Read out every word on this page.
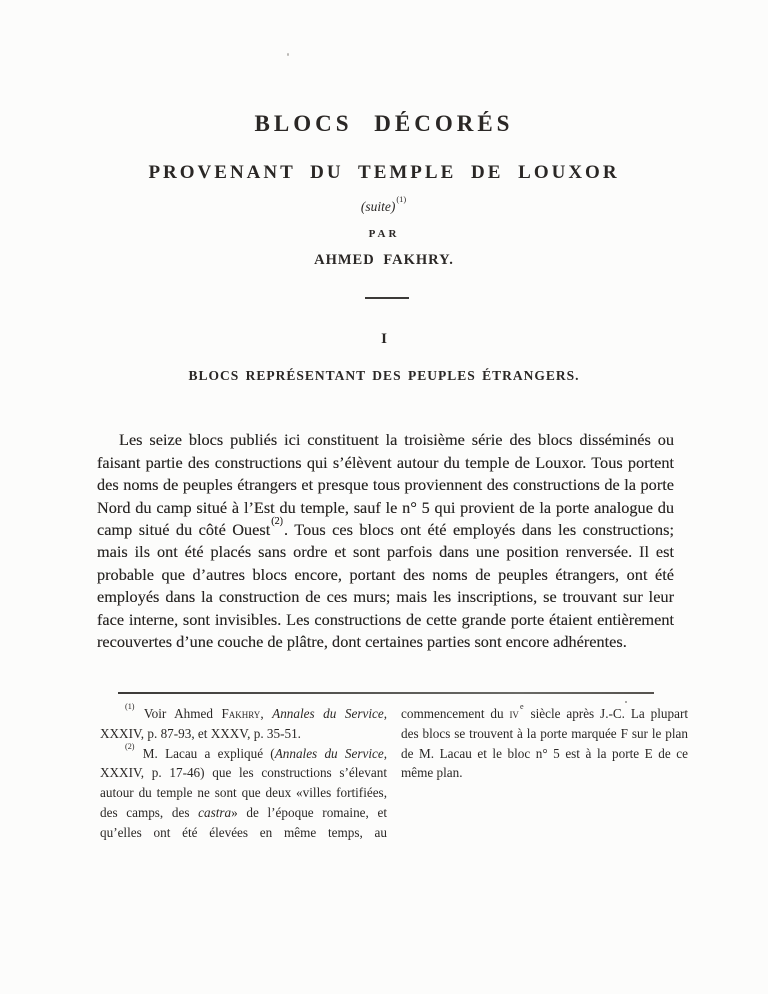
BLOCS DÉCORÉS
PROVENANT DU TEMPLE DE LOUXOR
(suite)$^{(1)}$
PAR
AHMED FAKHRY.
I
BLOCS REPRÉSENTANT DES PEUPLES ÉTRANGERS.

Les seize blocs publiés ici constituent la troisième série des blocs disséminés ou faisant partie des constructions qui s’élèvent autour du temple de Louxor. Tous portent des noms de peuples étrangers et presque tous proviennent des constructions de la porte Nord du camp situé à l’Est du temple, sauf le n° 5 qui provient de la porte analogue du camp situé du côté Ouest$^{(2)}$. Tous ces blocs ont été employés dans les constructions; mais ils ont été placés sans ordre et sont parfois dans une position renversée. Il est probable que d’autres blocs encore, portant des noms de peuples étrangers, ont été employés dans la construction de ces murs; mais les inscriptions, se trouvant sur leur face interne, sont invisibles. Les constructions de cette grande porte étaient entièrement recouvertes d’une couche de plâtre, dont certaines parties sont encore adhérentes.

$^{(1)}$ Voir Ahmed Fakhry, Annales du Service, XXXIV, p. 87-93, et XXXV, p. 35-51.

$^{(2)}$ M. Lacau a expliqué (Annales du Service, XXXIV, p. 17-46) que les constructions s’élevant autour du temple ne sont que deux «villes fortifiées, des camps, des castra» de l’époque romaine, et qu’elles ont été élevées en même temps, au commencement du $iv^e$ siècle après J.-C. La plupart des blocs se trouvent à la porte marquée F sur le plan de M. Lacau et le bloc n° 5 est à la porte E de ce même plan.
